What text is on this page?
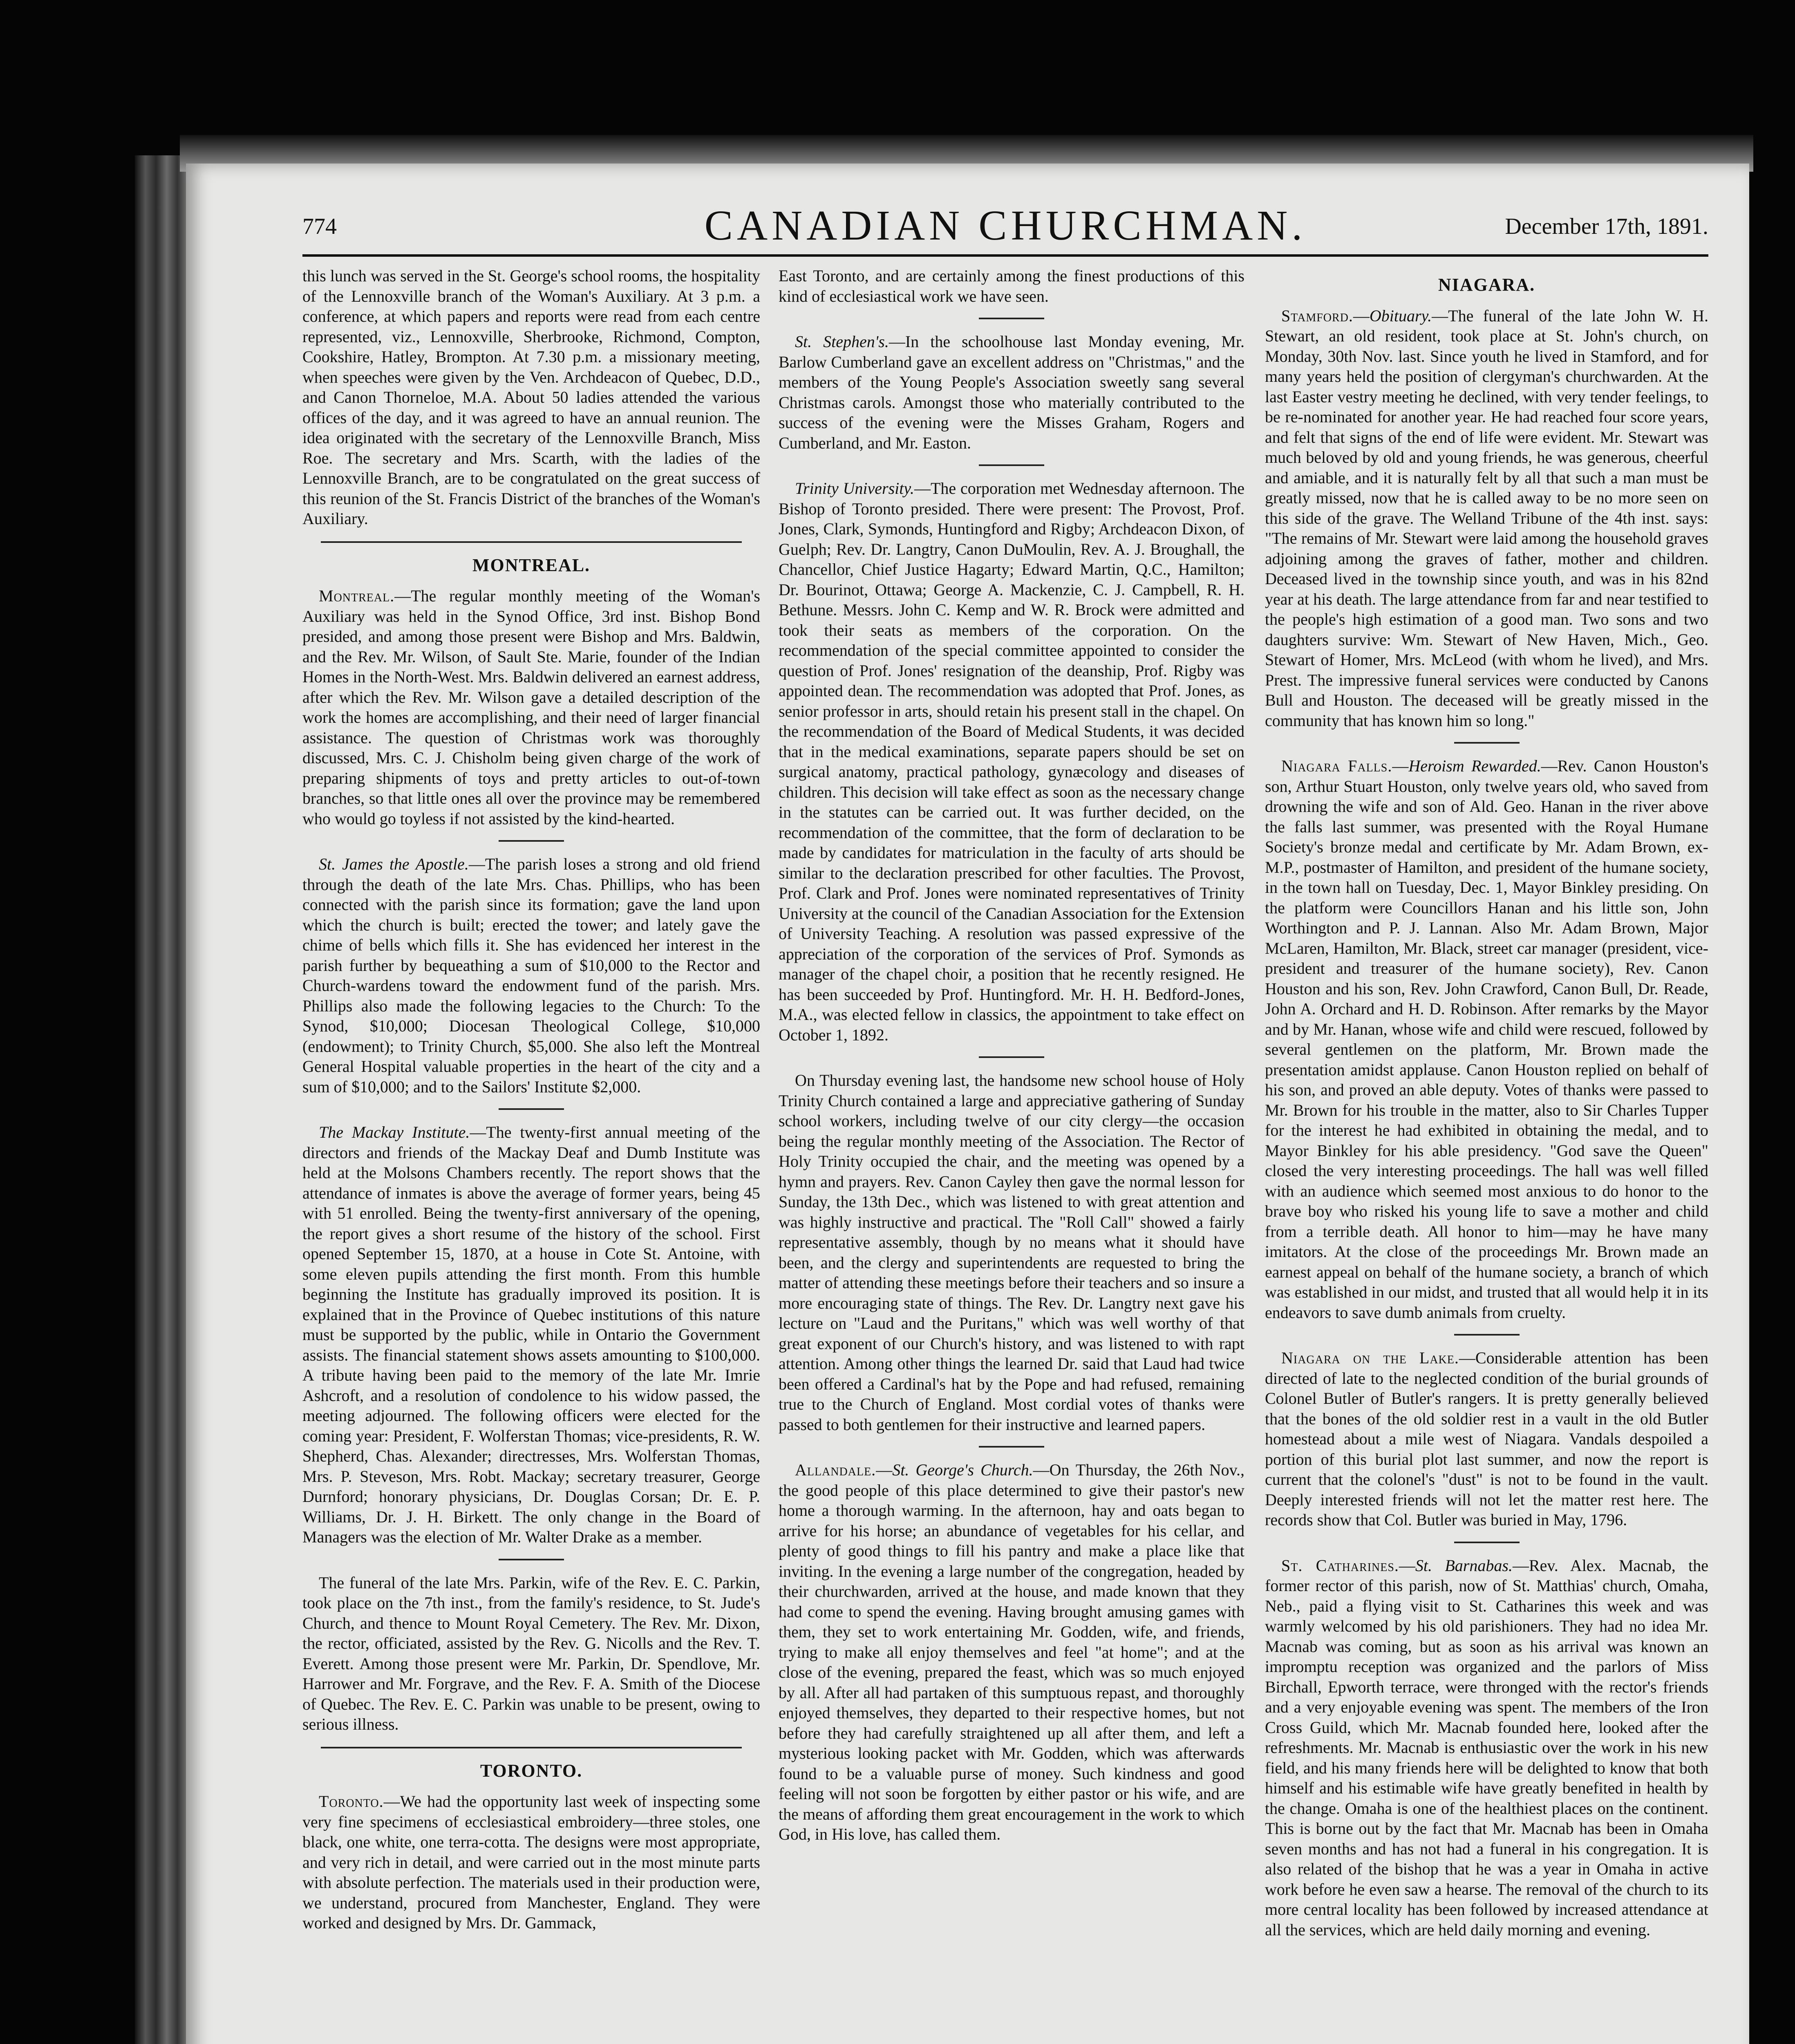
774	CANADIAN CHURCHMAN.	December 17th, 1891.

this lunch was served in the St. George's school rooms, the hospitality of the Lennoxville branch of the Woman's Auxiliary. At 3 p.m. a conference, at which papers and reports were read from each centre represented, viz., Lennoxville, Sherbrooke, Richmond, Compton, Cookshire, Hatley, Brompton. At 7.30 p.m. a missionary meeting, when speeches were given by the Ven. Archdeacon of Quebec, D.D., and Canon Thorneloe, M.A. About 50 ladies attended the various offices of the day, and it was agreed to have an annual reunion. The idea originated with the secretary of the Lennoxville Branch, Miss Roe. The secretary and Mrs. Scarth, with the ladies of the Lennoxville Branch, are to be congratulated on the great success of this reunion of the St. Francis District of the branches of the Woman's Auxiliary.

MONTREAL.

Montreal.—The regular monthly meeting of the Woman's Auxiliary was held in the Synod Office, 3rd inst. Bishop Bond presided, and among those present were Bishop and Mrs. Baldwin, and the Rev. Mr. Wilson, of Sault Ste. Marie, founder of the Indian Homes in the North-West. Mrs. Baldwin delivered an earnest address, after which the Rev. Mr. Wilson gave a detailed description of the work the homes are accomplishing, and their need of larger financial assistance. The question of Christmas work was thoroughly discussed, Mrs. C. J. Chisholm being given charge of the work of preparing shipments of toys and pretty articles to out-of-town branches, so that little ones all over the province may be remembered who would go toyless if not assisted by the kind-hearted.

St. James the Apostle.—The parish loses a strong and old friend through the death of the late Mrs. Chas. Phillips, who has been connected with the parish since its formation; gave the land upon which the church is built; erected the tower; and lately gave the chime of bells which fills it. She has evidenced her interest in the parish further by bequeathing a sum of $10,000 to the Rector and Church-wardens toward the endowment fund of the parish. Mrs. Phillips also made the following legacies to the Church: To the Synod, $10,000; Diocesan Theological College, $10,000 (endowment); to Trinity Church, $5,000. She also left the Montreal General Hospital valuable properties in the heart of the city and a sum of $10,000; and to the Sailors' Institute $2,000.

The Mackay Institute.—The twenty-first annual meeting of the directors and friends of the Mackay Deaf and Dumb Institute was held at the Molsons Chambers recently. The report shows that the attendance of inmates is above the average of former years, being 45 with 51 enrolled. Being the twenty-first anniversary of the opening, the report gives a short resume of the history of the school. First opened September 15, 1870, at a house in Cote St. Antoine, with some eleven pupils attending the first month. From this humble beginning the Institute has gradually improved its position. It is explained that in the Province of Quebec institutions of this nature must be supported by the public, while in Ontario the Government assists. The financial statement shows assets amounting to $100,000. A tribute having been paid to the memory of the late Mr. Imrie Ashcroft, and a resolution of condolence to his widow passed, the meeting adjourned. The following officers were elected for the coming year: President, F. Wolferstan Thomas; vice-presidents, R. W. Shepherd, Chas. Alexander; directresses, Mrs. Wolferstan Thomas, Mrs. P. Steveson, Mrs. Robt. Mackay; secretary treasurer, George Durnford; honorary physicians, Dr. Douglas Corsan; Dr. E. P. Williams, Dr. J. H. Birkett. The only change in the Board of Managers was the election of Mr. Walter Drake as a member.

The funeral of the late Mrs. Parkin, wife of the Rev. E. C. Parkin, took place on the 7th inst., from the family's residence, to St. Jude's Church, and thence to Mount Royal Cemetery. The Rev. Mr. Dixon, the rector, officiated, assisted by the Rev. G. Nicolls and the Rev. T. Everett. Among those present were Mr. Parkin, Dr. Spendlove, Mr. Harrower and Mr. Forgrave, and the Rev. F. A. Smith of the Diocese of Quebec. The Rev. E. C. Parkin was unable to be present, owing to serious illness.

TORONTO.

Toronto.—We had the opportunity last week of inspecting some very fine specimens of ecclesiastical embroidery—three stoles, one black, one white, one terra-cotta. The designs were most appropriate, and very rich in detail, and were carried out in the most minute parts with absolute perfection. The materials used in their production were, we understand, procured from Manchester, England. They were worked and designed by Mrs. Dr. Gammack,

East Toronto, and are certainly among the finest productions of this kind of ecclesiastical work we have seen.

St. Stephen's.—In the schoolhouse last Monday evening, Mr. Barlow Cumberland gave an excellent address on "Christmas," and the members of the Young People's Association sweetly sang several Christmas carols. Amongst those who materially contributed to the success of the evening were the Misses Graham, Rogers and Cumberland, and Mr. Easton.

Trinity University.—The corporation met Wednesday afternoon. The Bishop of Toronto presided. There were present: The Provost, Prof. Jones, Clark, Symonds, Huntingford and Rigby; Archdeacon Dixon, of Guelph; Rev. Dr. Langtry, Canon DuMoulin, Rev. A. J. Broughall, the Chancellor, Chief Justice Hagarty; Edward Martin, Q.C., Hamilton; Dr. Bourinot, Ottawa; George A. Mackenzie, C. J. Campbell, R. H. Bethune. Messrs. John C. Kemp and W. R. Brock were admitted and took their seats as members of the corporation. On the recommendation of the special committee appointed to consider the question of Prof. Jones' resignation of the deanship, Prof. Rigby was appointed dean. The recommendation was adopted that Prof. Jones, as senior professor in arts, should retain his present stall in the chapel. On the recommendation of the Board of Medical Students, it was decided that in the medical examinations, separate papers should be set on surgical anatomy, practical pathology, gynæcology and diseases of children. This decision will take effect as soon as the necessary change in the statutes can be carried out. It was further decided, on the recommendation of the committee, that the form of declaration to be made by candidates for matriculation in the faculty of arts should be similar to the declaration prescribed for other faculties. The Provost, Prof. Clark and Prof. Jones were nominated representatives of Trinity University at the council of the Canadian Association for the Extension of University Teaching. A resolution was passed expressive of the appreciation of the corporation of the services of Prof. Symonds as manager of the chapel choir, a position that he recently resigned. He has been succeeded by Prof. Huntingford. Mr. H. H. Bedford-Jones, M.A., was elected fellow in classics, the appointment to take effect on October 1, 1892.

On Thursday evening last, the handsome new school house of Holy Trinity Church contained a large and appreciative gathering of Sunday school workers, including twelve of our city clergy—the occasion being the regular monthly meeting of the Association. The Rector of Holy Trinity occupied the chair, and the meeting was opened by a hymn and prayers. Rev. Canon Cayley then gave the normal lesson for Sunday, the 13th Dec., which was listened to with great attention and was highly instructive and practical. The "Roll Call" showed a fairly representative assembly, though by no means what it should have been, and the clergy and superintendents are requested to bring the matter of attending these meetings before their teachers and so insure a more encouraging state of things. The Rev. Dr. Langtry next gave his lecture on "Laud and the Puritans," which was well worthy of that great exponent of our Church's history, and was listened to with rapt attention. Among other things the learned Dr. said that Laud had twice been offered a Cardinal's hat by the Pope and had refused, remaining true to the Church of England. Most cordial votes of thanks were passed to both gentlemen for their instructive and learned papers.

Allandale.—St. George's Church.—On Thursday, the 26th Nov., the good people of this place determined to give their pastor's new home a thorough warming. In the afternoon, hay and oats began to arrive for his horse; an abundance of vegetables for his cellar, and plenty of good things to fill his pantry and make a place like that inviting. In the evening a large number of the congregation, headed by their churchwarden, arrived at the house, and made known that they had come to spend the evening. Having brought amusing games with them, they set to work entertaining Mr. Godden, wife, and friends, trying to make all enjoy themselves and feel "at home"; and at the close of the evening, prepared the feast, which was so much enjoyed by all. After all had partaken of this sumptuous repast, and thoroughly enjoyed themselves, they departed to their respective homes, but not before they had carefully straightened up all after them, and left a mysterious looking packet with Mr. Godden, which was afterwards found to be a valuable purse of money. Such kindness and good feeling will not soon be forgotten by either pastor or his wife, and are the means of affording them great encouragement in the work to which God, in His love, has called them.

NIAGARA.

Stamford.—Obituary.—The funeral of the late John W. H. Stewart, an old resident, took place at St. John's church, on Monday, 30th Nov. last. Since youth he lived in Stamford, and for many years held the position of clergyman's churchwarden. At the last Easter vestry meeting he declined, with very tender feelings, to be re-nominated for another year. He had reached four score years, and felt that signs of the end of life were evident. Mr. Stewart was much beloved by old and young friends, he was generous, cheerful and amiable, and it is naturally felt by all that such a man must be greatly missed, now that he is called away to be no more seen on this side of the grave. The Welland Tribune of the 4th inst. says: "The remains of Mr. Stewart were laid among the household graves adjoining among the graves of father, mother and children. Deceased lived in the township since youth, and was in his 82nd year at his death. The large attendance from far and near testified to the people's high estimation of a good man. Two sons and two daughters survive: Wm. Stewart of New Haven, Mich., Geo. Stewart of Homer, Mrs. McLeod (with whom he lived), and Mrs. Prest. The impressive funeral services were conducted by Canons Bull and Houston. The deceased will be greatly missed in the community that has known him so long."

Niagara Falls.—Heroism Rewarded.—Rev. Canon Houston's son, Arthur Stuart Houston, only twelve years old, who saved from drowning the wife and son of Ald. Geo. Hanan in the river above the falls last summer, was presented with the Royal Humane Society's bronze medal and certificate by Mr. Adam Brown, ex-M.P., postmaster of Hamilton, and president of the humane society, in the town hall on Tuesday, Dec. 1, Mayor Binkley presiding. On the platform were Councillors Hanan and his little son, John Worthington and P. J. Lannan. Also Mr. Adam Brown, Major McLaren, Hamilton, Mr. Black, street car manager (president, vice-president and treasurer of the humane society), Rev. Canon Houston and his son, Rev. John Crawford, Canon Bull, Dr. Reade, John A. Orchard and H. D. Robinson. After remarks by the Mayor and by Mr. Hanan, whose wife and child were rescued, followed by several gentlemen on the platform, Mr. Brown made the presentation amidst applause. Canon Houston replied on behalf of his son, and proved an able deputy. Votes of thanks were passed to Mr. Brown for his trouble in the matter, also to Sir Charles Tupper for the interest he had exhibited in obtaining the medal, and to Mayor Binkley for his able presidency. "God save the Queen" closed the very interesting proceedings. The hall was well filled with an audience which seemed most anxious to do honor to the brave boy who risked his young life to save a mother and child from a terrible death. All honor to him—may he have many imitators. At the close of the proceedings Mr. Brown made an earnest appeal on behalf of the humane society, a branch of which was established in our midst, and trusted that all would help it in its endeavors to save dumb animals from cruelty.

Niagara on the Lake.—Considerable attention has been directed of late to the neglected condition of the burial grounds of Colonel Butler of Butler's rangers. It is pretty generally believed that the bones of the old soldier rest in a vault in the old Butler homestead about a mile west of Niagara. Vandals despoiled a portion of this burial plot last summer, and now the report is current that the colonel's "dust" is not to be found in the vault. Deeply interested friends will not let the matter rest here. The records show that Col. Butler was buried in May, 1796.

St. Catharines.—St. Barnabas.—Rev. Alex. Macnab, the former rector of this parish, now of St. Matthias' church, Omaha, Neb., paid a flying visit to St. Catharines this week and was warmly welcomed by his old parishioners. They had no idea Mr. Macnab was coming, but as soon as his arrival was known an impromptu reception was organized and the parlors of Miss Birchall, Epworth terrace, were thronged with the rector's friends and a very enjoyable evening was spent. The members of the Iron Cross Guild, which Mr. Macnab founded here, looked after the refreshments. Mr. Macnab is enthusiastic over the work in his new field, and his many friends here will be delighted to know that both himself and his estimable wife have greatly benefited in health by the change. Omaha is one of the healthiest places on the continent. This is borne out by the fact that Mr. Macnab has been in Omaha seven months and has not had a funeral in his congregation. It is also related of the bishop that he was a year in Omaha in active work before he even saw a hearse. The removal of the church to its more central locality has been followed by increased attendance at all the services, which are held daily morning and evening.
